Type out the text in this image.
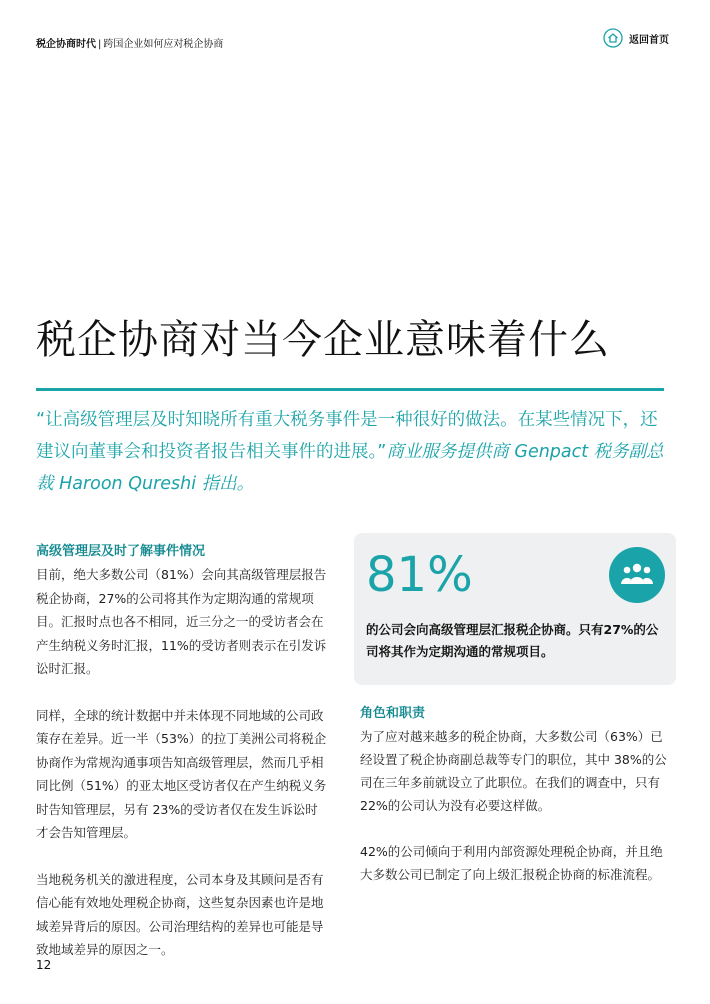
税企协商时代 | 跨国企业如何应对税企协商	返回首页
税企协商对当今企业意味着什么

“让高级管理层及时知晓所有重大税务事件是一种很好的做法。在某些情况下，还建议向董事会和投资者报告相关事件的进展。”商业服务提供商 Genpact 税务副总裁 Haroon Qureshi 指出。

高级管理层及时了解事件情况

目前，绝大多数公司（81%）会向其高级管理层报告税企协商，27%的公司将其作为定期沟通的常规项目。汇报时点也各不相同，近三分之一的受访者会在产生纳税义务时汇报，11%的受访者则表示在引发诉讼时汇报。

同样，全球的统计数据中并未体现不同地域的公司政策存在差异。近一半（53%）的拉丁美洲公司将税企协商作为常规沟通事项告知高级管理层，然而几乎相同比例（51%）的亚太地区受访者仅在产生纳税义务时告知管理层，另有 23%的受访者仅在发生诉讼时才会告知管理层。

当地税务机关的激进程度，公司本身及其顾问是否有信心能有效地处理税企协商，这些复杂因素也许是地域差异背后的原因。公司治理结构的差异也可能是导致地域差异的原因之一。

81%
的公司会向高级管理层汇报税企协商。只有27%的公司将其作为定期沟通的常规项目。
角色和职责

为了应对越来越多的税企协商，大多数公司（63%）已经设置了税企协商副总裁等专门的职位，其中 38%的公司在三年多前就设立了此职位。在我们的调查中，只有 22%的公司认为没有必要这样做。

42%的公司倾向于利用内部资源处理税企协商，并且绝大多数公司已制定了向上级汇报税企协商的标准流程。

12
